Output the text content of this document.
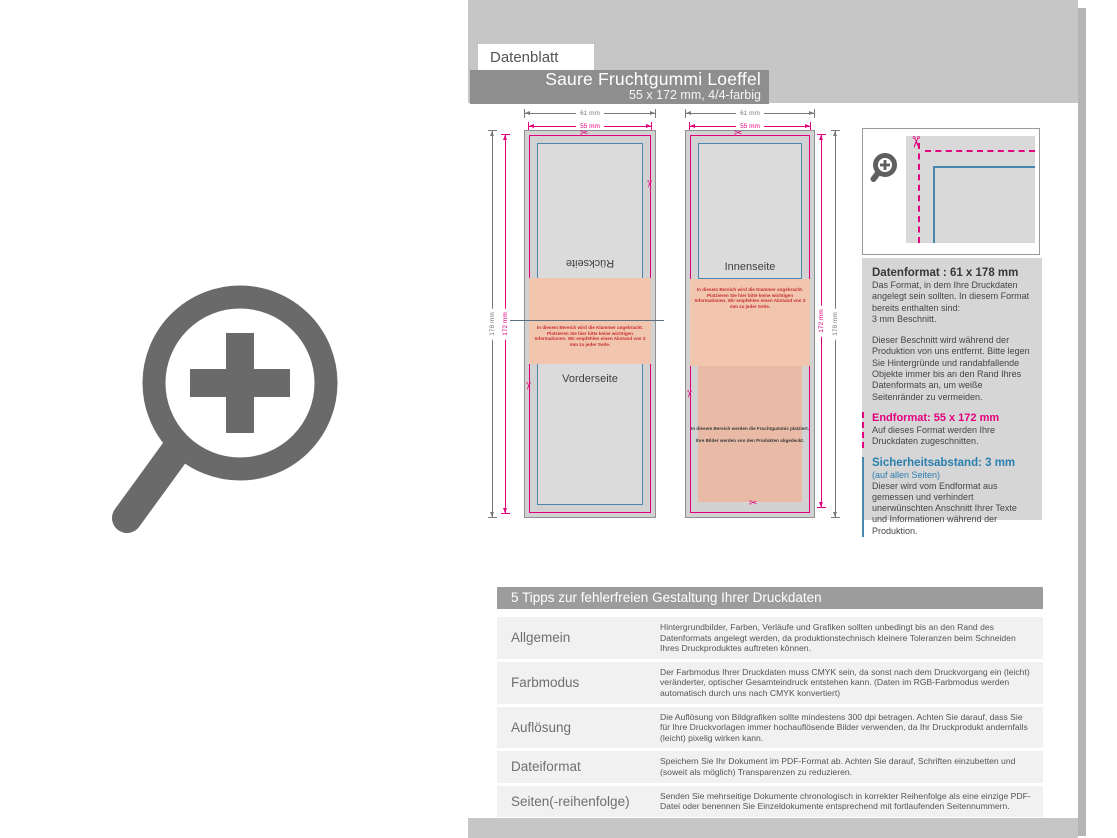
Datenblatt
Saure Fruchtgummi Loeffel
55 x 172 mm, 4/4-farbig
61 mm
55 mm
178 mm 172 mm
Rückseite
In diesem Bereich wird die Klammer angebracht. Platzieren Sie hier bitte keine wichtigen Informationen. Wir empfehlen einen Abstand von 3 mm zu jeder Seite.
Vorderseite
✂
✂
✂
61 mm
55 mm
172 mm 178 mm
Innenseite
In diesem Bereich wird die Klammer angebracht. Platzieren Sie hier bitte keine wichtigen Informationen. Wir empfehlen einen Abstand von 3 mm zu jeder Seite.
In diesem Bereich werden die Fruchtgummis platziert.
Ihre Bilder werden von den Produkten abgedeckt.
✂
✂
✂
✂
Datenformat : 61 x 178 mm

Das Format, in dem Ihre Druckdaten angelegt sein sollten. In diesem Format bereits enthalten sind:

3 mm Beschnitt.

Dieser Beschnitt wird während der Produktion von uns entfernt. Bitte legen Sie Hintergründe und randabfallende Objekte immer bis an den Rand Ihres Datenformats an, um weiße Seitenränder zu vermeiden.

Endformat: 55 x 172 mm

Auf dieses Format werden Ihre Druckdaten zugeschnitten.

Sicherheitsabstand: 3 mm
(auf allen Seiten)

Dieser wird vom Endformat aus gemessen und verhindert unerwünschten Anschnitt Ihrer Texte und Informationen während der Produktion.

5 Tipps zur fehlerfreien Gestaltung Ihrer Druckdaten
Allgemein
Hintergrundbilder, Farben, Verläufe und Grafiken sollten unbedingt bis an den Rand des Datenformats angelegt werden, da produktionstechnisch kleinere Toleranzen beim Schneiden Ihres Druckproduktes auftreten können.
Farbmodus
Der Farbmodus Ihrer Druckdaten muss CMYK sein, da sonst nach dem Druckvorgang ein (leicht) veränderter, optischer Gesamteindruck entstehen kann. (Daten im RGB-Farbmodus werden automatisch durch uns nach CMYK konvertiert)
Auflösung
Die Auflösung von Bildgrafiken sollte mindestens 300 dpi betragen. Achten Sie darauf, dass Sie für Ihre Druckvorlagen immer hochauflösende Bilder verwenden, da Ihr Druckprodukt andernfalls (leicht) pixelig wirken kann.
Dateiformat	Speichern Sie Ihr Dokument im PDF-Format ab. Achten Sie darauf, Schriften einzubetten und (soweit als möglich) Transparenzen zu reduzieren.
Seiten(-reihenfolge)	Senden Sie mehrseitige Dokumente chronologisch in korrekter Reihenfolge als eine einzige PDF-Datei oder benennen Sie Einzeldokumente entsprechend mit fortlaufenden Seitennummern.
